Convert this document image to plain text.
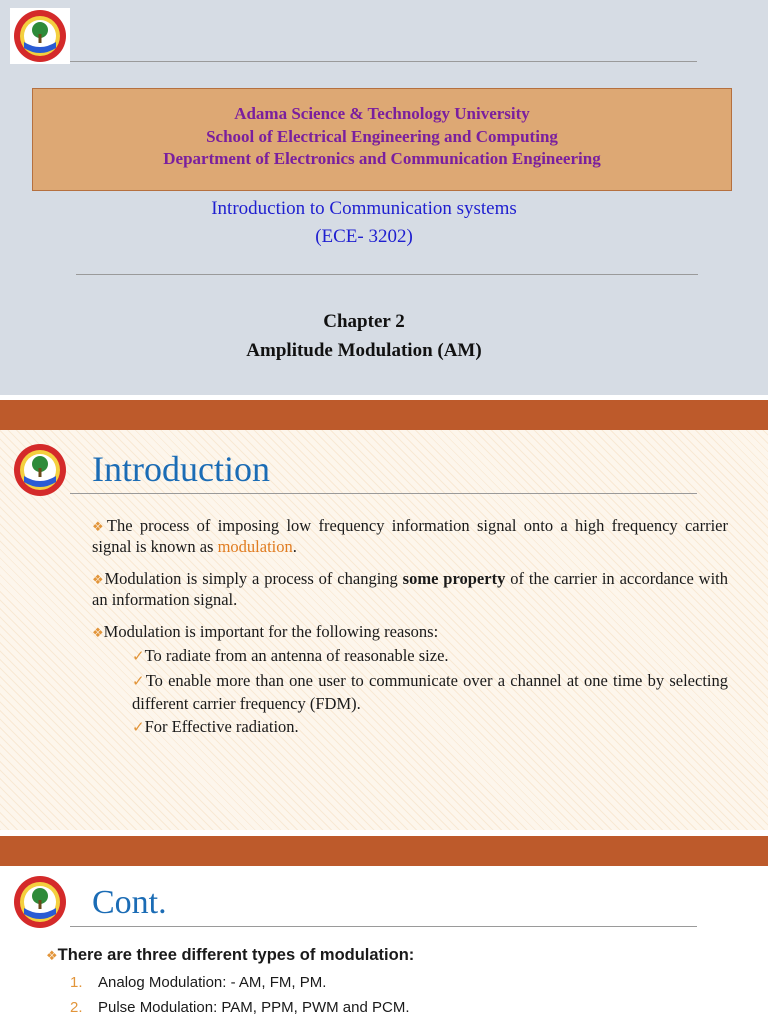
Adama Science & Technology University
School of Electrical Engineering and Computing
Department of Electronics and Communication Engineering
Introduction to Communication systems
(ECE- 3202)
Chapter 2
Amplitude Modulation (AM)
Introduction
❖The process of imposing low frequency information signal onto a high frequency carrier signal is known as modulation.
❖Modulation is simply a process of changing some property of the carrier in accordance with an information signal.
❖Modulation is important for the following reasons:
✓To radiate from an antenna of reasonable size.
✓To enable more than one user to communicate over a channel at one time by selecting different carrier frequency (FDM).
✓For Effective radiation.
Cont.
❖There are three different types of modulation:
1. Analog Modulation: - AM, FM, PM.
2. Pulse Modulation: PAM, PPM, PWM and PCM.
